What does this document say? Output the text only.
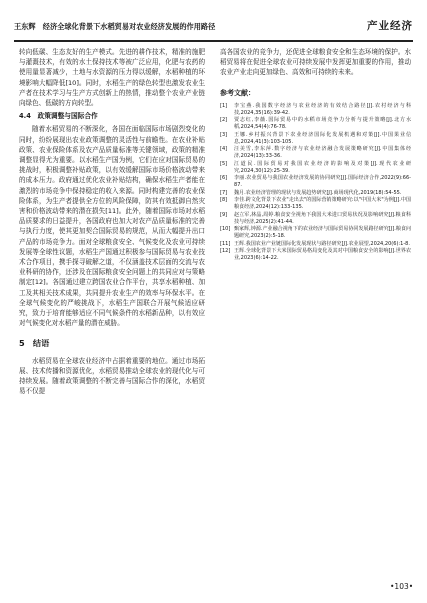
王东辉　经济全球化背景下水稻贸易对农业经济发展的作用路径	产业经济

转向低碳、生态友好的生产模式。先进的耕作技术，精准的施肥与灌溉技术，有效的水土保持技术等被广泛应用，化肥与农药的使用量显著减少，土地与水资源的压力得以缓解，水稻种植的环境影响大幅降低[10]。同时，水稻生产的绿色转型也激发农业生产者在技术学习与生产方式创新上的热情，推动整个农业产业链向绿色、低碳的方向转型。

4.4　政策调整与国际合作

随着水稻贸易的不断深化，各国在面临国际市场剧烈变化的同时，纷纷展现出农业政策调整的灵活性与前瞻性。在农业补贴政策、农业保险体系及农产品质量标准等关键领域，政策的精准调整显得尤为重要。以水稻生产国为例，它们在应对国际贸易的挑战时，积极调整补贴政策，以有效缓解国际市场价格波动带来的成本压力。政府通过优化农业补贴结构，确保水稻生产者能在激烈的市场竞争中保持稳定的收入来源。同时构建完善的农业保险体系，为生产者提供全方位的风险保障，防其有效抵御自然灾害和价格波动带来的潜在损失[11]。此外，随着国际市场对水稻品质要求的日益提升，各国政府也加大对农产品质量标准的完善与执行力度，使其更加契合国际贸易的规范，从而大幅提升出口产品的市场竞争力。面对全球粮食安全、气候变化及农业可持续发展等全球性议题，水稻生产国通过积极参与国际贸易与农业技术合作项目，携手探寻破解之道，不仅涵盖技术层面的交流与农业科研的协作，还涉及在国际粮食安全问题上的共同应对与策略制定[12]。各国通过建立跨国农业合作平台，共享水稻种植、加工及其相关技术成果，共同提升农业生产的效率与环保水平。在全球气候变化的严峻挑战下，水稻生产国联合开展气候适应研究，致力于培育能够适应不同气候条件的水稻新品种，以有效应对气候变化对水稻产量的潜在威胁。

5　结语

水稻贸易在全球农业经济中占据着重要的地位。通过市场拓展、技术传播和资源优化，水稻贸易推动全球农业的现代化与可持续发展。随着政策调整的不断完善与国际合作的深化，水稻贸易不仅提

高各国农业的竞争力，还促进全球粮食安全和生态环境的保护。水稻贸易将在促进全球农业可持续发展中发挥更加重要的作用，推动农业产业走向更加绿色、高效和可持续的未来。

参考文献：
[1]	李宝燕.我国数字经济与农业经济的有效结合路径[J].农村经济与科技,2024,35(16):39-42.
[2]	贾志红,李薇.国际贸易中的水稻市场竞争力分析与提升策略[J].北方水稻,2024,54(4):76-78.
[3]	王娜.乡村振兴背景下农业经济国际化发展机遇和对策[J].中国果业信息,2024,41(3):103-105.
[4]	汪美雪,李东萍.数字经济与农业经济融合发展策略研究[J].中国集体经济,2024(13):33-36.
[5]	江道民.国际贸易对我国农业经济的影响及对策[J].现代农业研究,2024,30(12):25-39.
[6]	李丽.农业贸易与我国农业经济发展的协同研究[J].国际经济合作,2022(9):66-87.
[7]	魏月.农业经济管理的现状与发展趋势研究[J].商场现代化,2019(18):54-55.
[8]	李佳.跨文化背景下农业"走出去"的国际营销策略研究:以"中国大米"为例[J].中国粮食经济,2024(12):133-135.
[9]	赵立军,林晶,周婷.粮食安全视角下我国大米进口贸易状况及影响研究[J].粮食科技与经济,2025(2):41-44.
[10] 甄家辉,钟源.产业融合视角下的农业经济与国际贸易协同发展路径研究[J].粮食问题研究,2023(2):5-18.
[11] 王辉.我国农业产业链国际化发展现状与路径研究[J].农业展望,2024,20(6):1-8.
[12] 王辉.全球化背景下大米国际贸易格局变化及其对中国粮食安全的影响[J].世界农业,2023(6):14-22.
•103•
